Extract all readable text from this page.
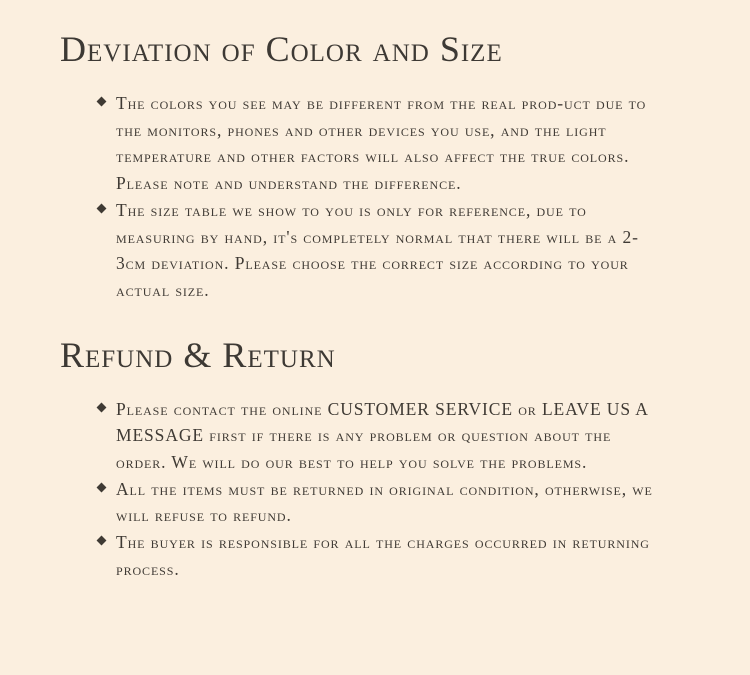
Deviation of Color and Size
The colors you see may be different from the real prod-uct due to the monitors, phones and other devices you use, and the light temperature and other factors will also affect the true colors. Please note and understand the difference.
The size table we show to you is only for reference, due to measuring by hand, it's completely normal that there will be a 2-3cm deviation. Please choose the correct size according to your actual size.
Refund & Return
Please contact the online CUSTOMER SERVICE or LEAVE US A MESSAGE first if there is any problem or question about the order. We will do our best to help you solve the problems.
All the items must be returned in original condition, otherwise, we will refuse to refund.
The buyer is responsible for all the charges occurred in returning process.
